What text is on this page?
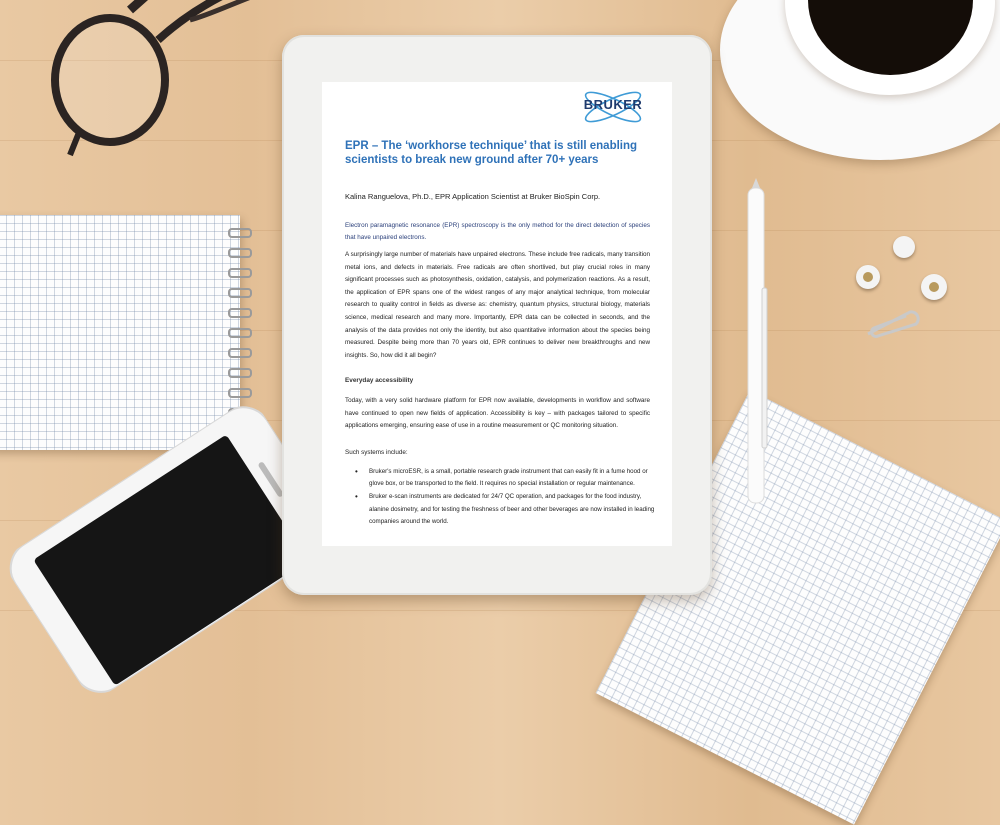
BRUKER
EPR – The ‘workhorse technique’ that is still enabling scientists to break new ground after 70+ years
Kalina Ranguelova, Ph.D., EPR Application Scientist at Bruker BioSpin Corp.
Electron paramagnetic resonance (EPR) spectroscopy is the only method for the direct detection of species that have unpaired electrons.
A surprisingly large number of materials have unpaired electrons. These include free radicals, many transition metal ions, and defects in materials. Free radicals are often shortlived, but play crucial roles in many significant processes such as photosynthesis, oxidation, catalysis, and polymerization reactions. As a result, the application of EPR spans one of the widest ranges of any major analytical technique, from molecular research to quality control in fields as diverse as: chemistry, quantum physics, structural biology, materials science, medical research and many more. Importantly, EPR data can be collected in seconds, and the analysis of the data provides not only the identity, but also quantitative information about the species being measured. Despite being more than 70 years old, EPR continues to deliver new breakthroughs and new insights. So, how did it all begin?
Everyday accessibility
Today, with a very solid hardware platform for EPR now available, developments in workflow and software have continued to open new fields of application. Accessibility is key – with packages tailored to specific applications emerging, ensuring ease of use in a routine measurement or QC monitoring situation.
Such systems include:
• Bruker's microESR, is a small, portable research grade instrument that can easily fit in a fume hood or glove box, or be transported to the field. It requires no special installation or regular maintenance.
• Bruker e-scan instruments are dedicated for 24/7 QC operation, and packages for the food industry, alanine dosimetry, and for testing the freshness of beer and other beverages are now installed in leading companies around the world.
